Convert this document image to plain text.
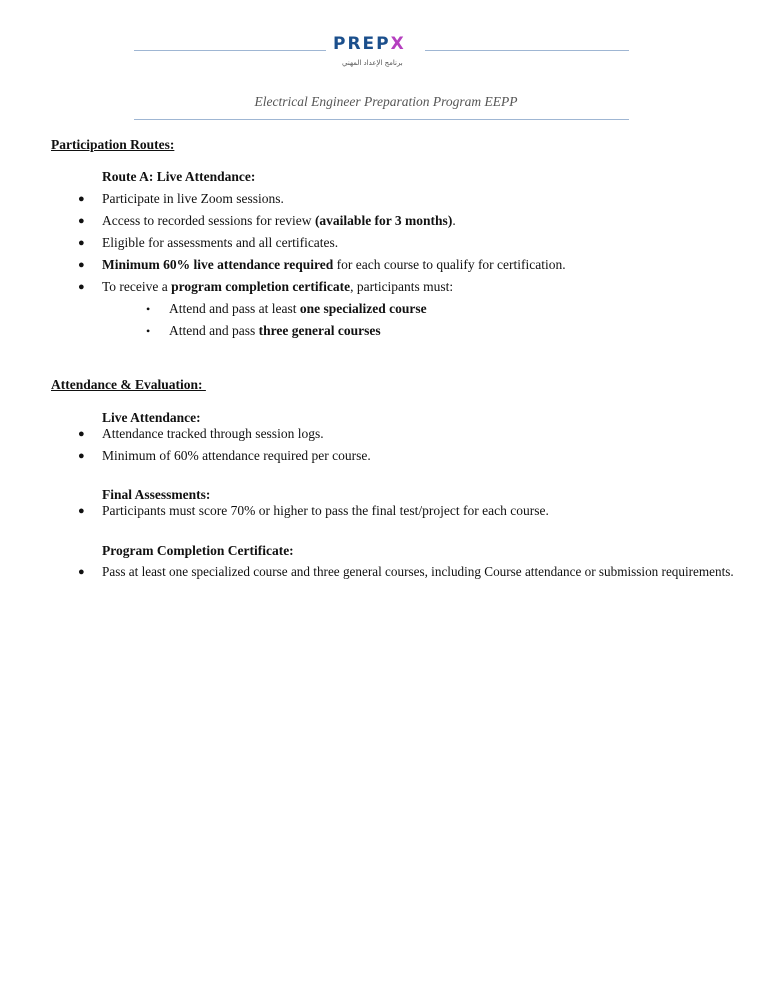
PREPX
برنامج الإعداد المهني
Electrical Engineer Preparation Program EEPP
Participation Routes:
Route A: Live Attendance:
● Participate in live Zoom sessions.
● Access to recorded sessions for review (available for 3 months).
● Eligible for assessments and all certificates.
● Minimum 60% live attendance required for each course to qualify for certification.
● To receive a program completion certificate, participants must:
• Attend and pass at least one specialized course
• Attend and pass three general courses
Attendance & Evaluation:
Live Attendance:
● Attendance tracked through session logs.
● Minimum of 60% attendance required per course.
Final Assessments:
● Participants must score 70% or higher to pass the final test/project for each course.
Program Completion Certificate:
● Pass at least one specialized course and three general courses, including Course attendance or submission requirements.
